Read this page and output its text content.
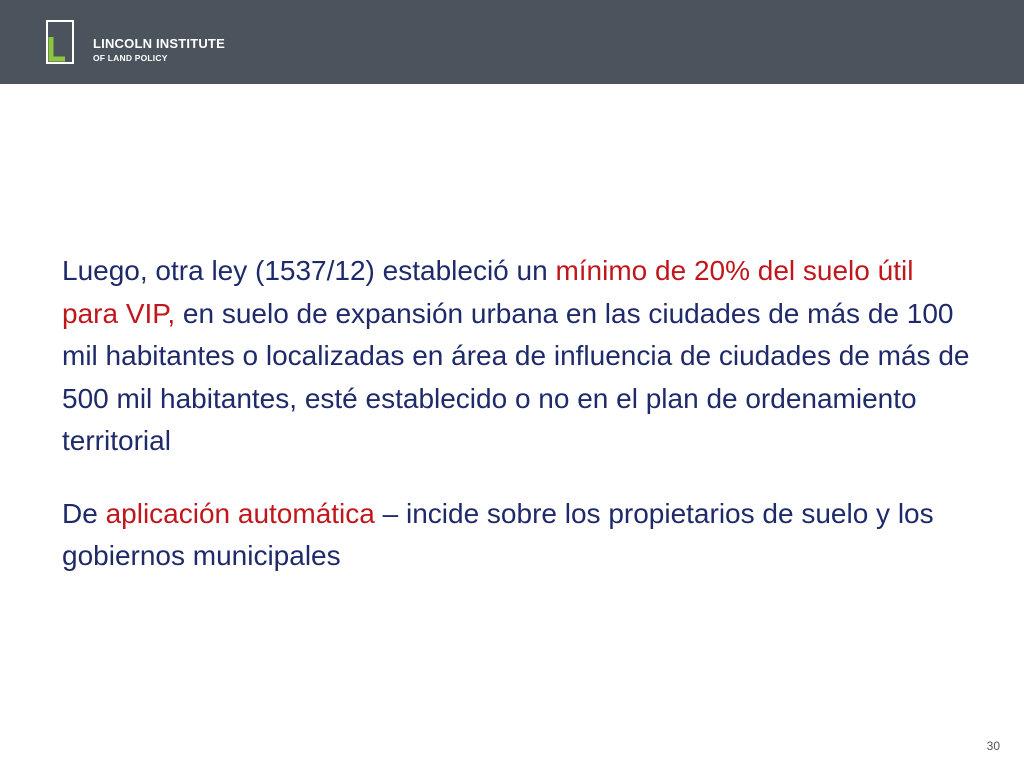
LINCOLN INSTITUTE
OF LAND POLICY

Luego, otra ley (1537/12) estableció un mínimo de 20% del suelo útil para VIP, en suelo de expansión urbana en las ciudades de más de 100 mil habitantes o localizadas en área de influencia de ciudades de más de 500 mil habitantes, esté establecido o no en el plan de ordenamiento territorial

De aplicación automática – incide sobre los propietarios de suelo y los gobiernos municipales

30
